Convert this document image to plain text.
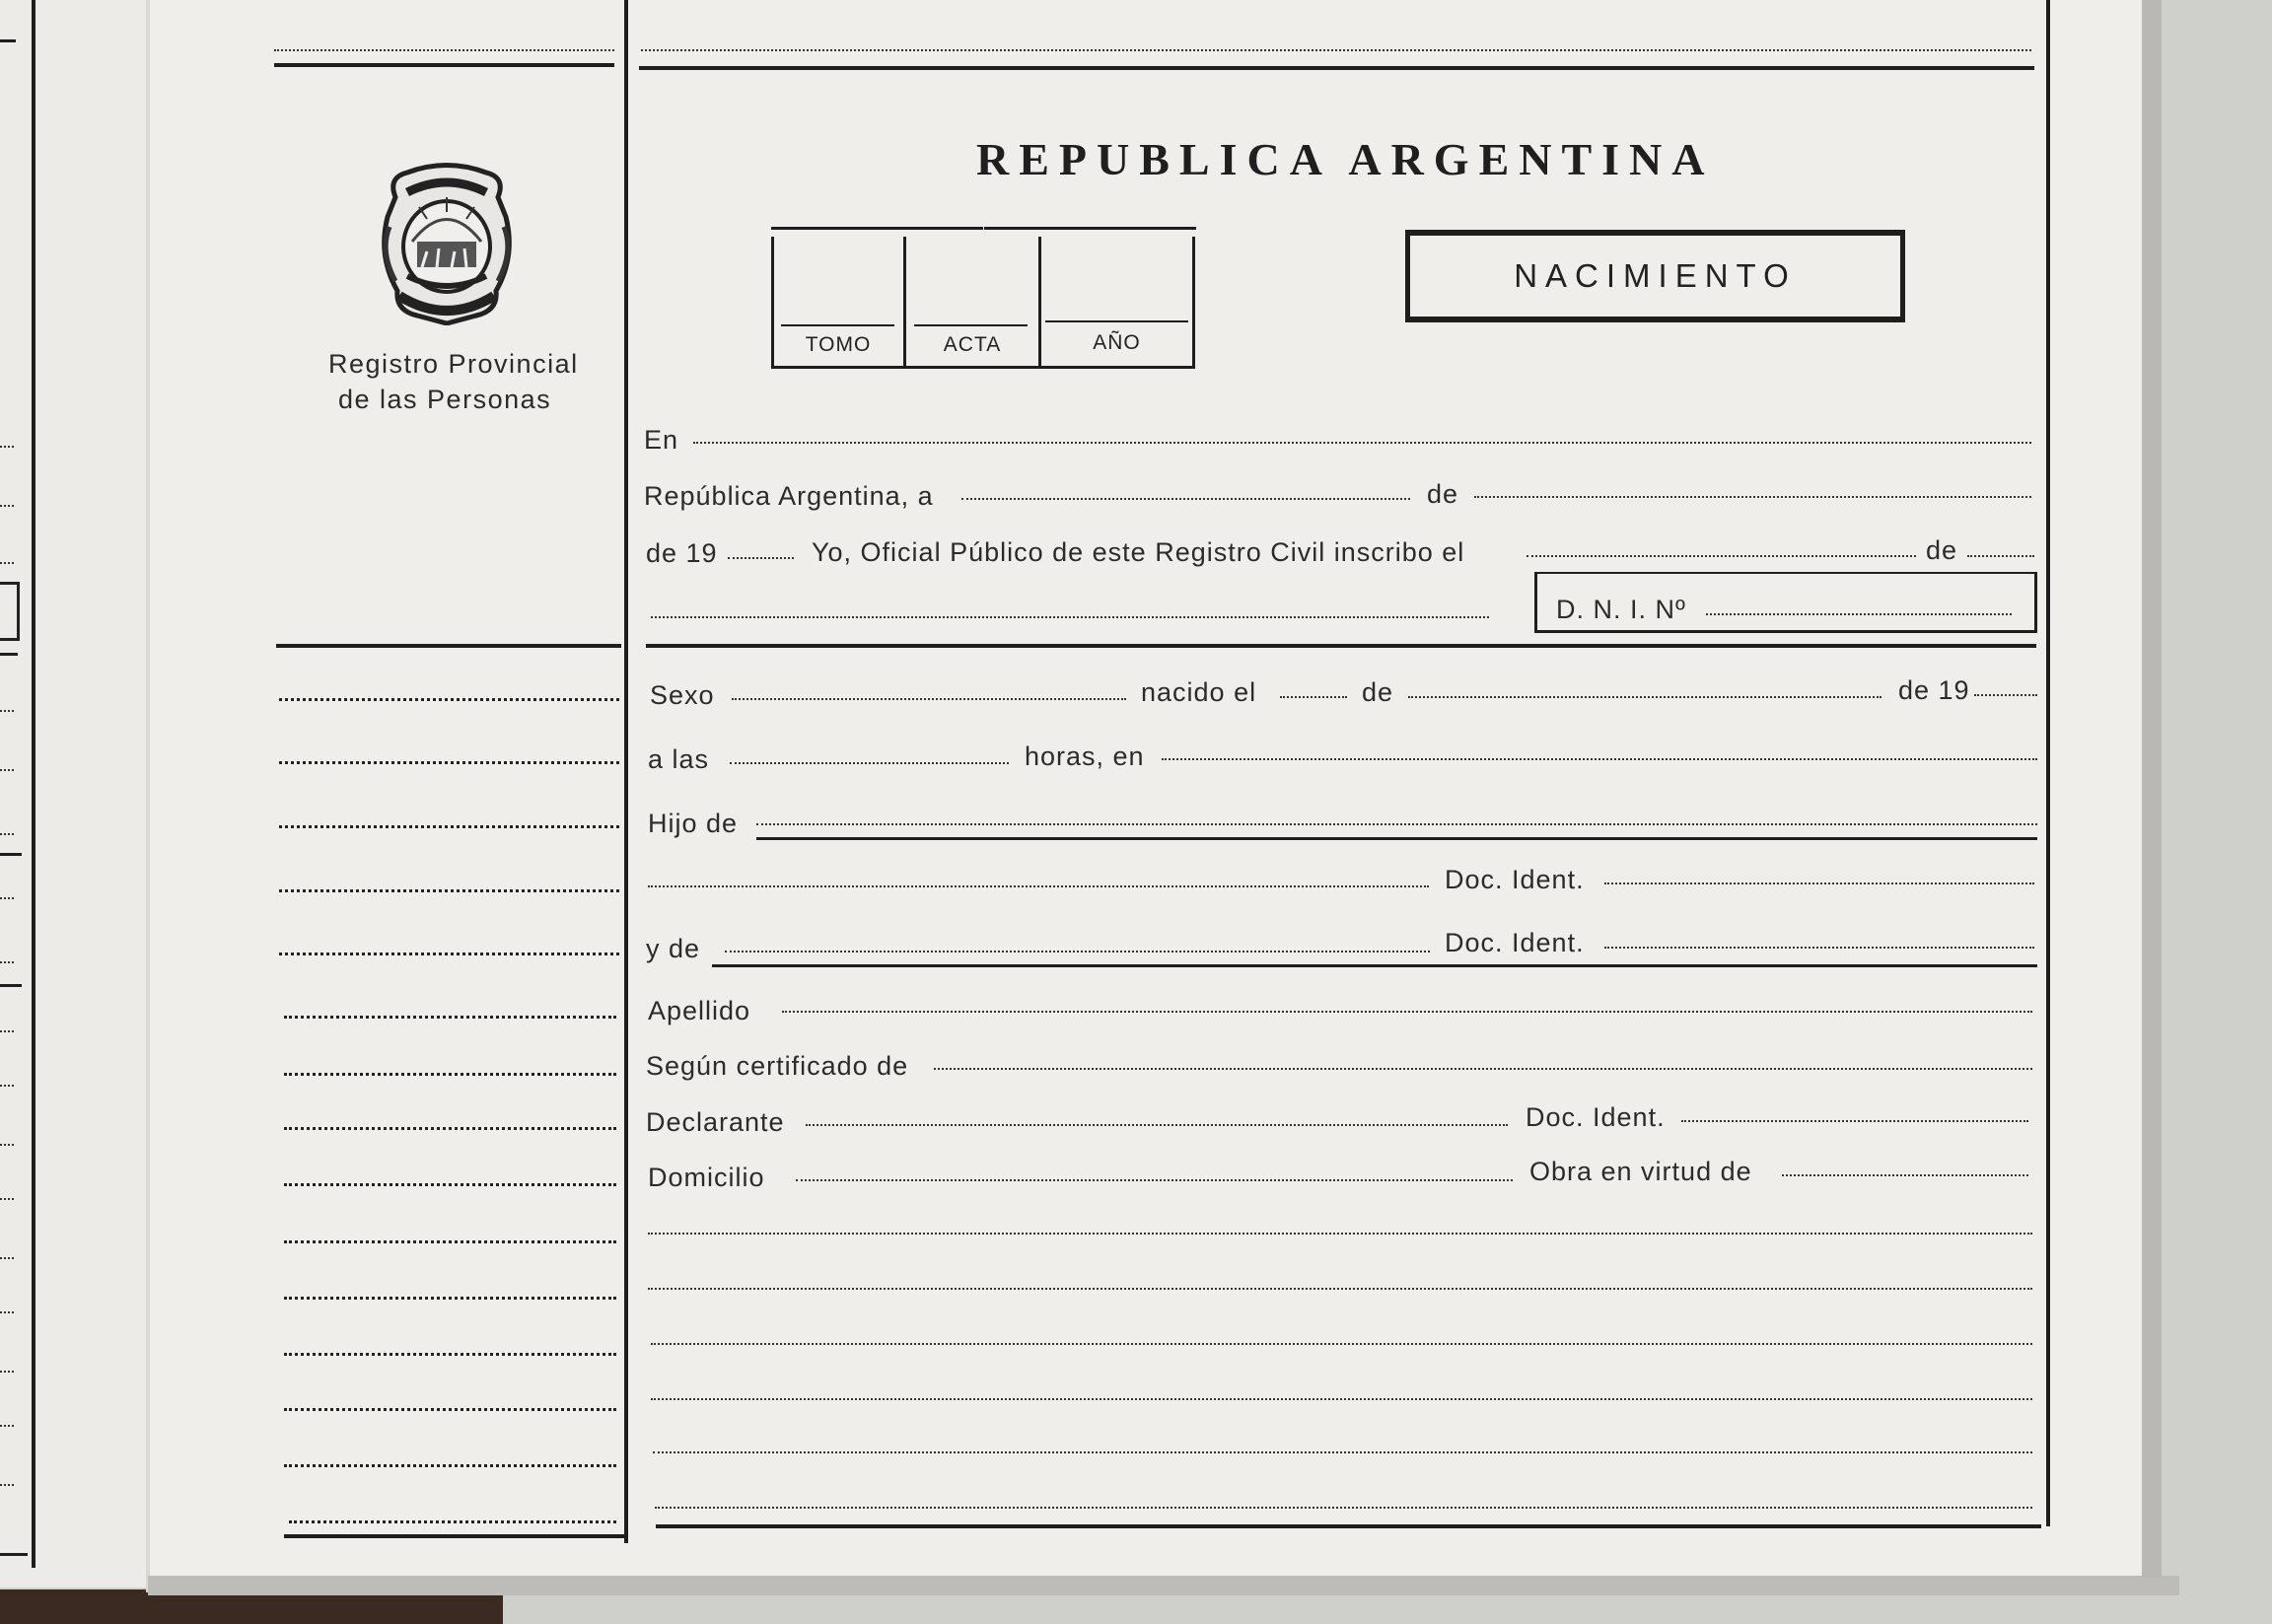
Registro Provincial
de las Personas
REPUBLICA ARGENTINA
TOMO	ACTA	AÑO
NACIMIENTO
En
República Argentina, a	de
de 19	Yo, Oficial Público de este Registro Civil inscribo el	de
D. N. I. Nº
Sexo	nacido el	de	de 19
a las	horas, en
Hijo de
Doc. Ident.
y de	Doc. Ident.
Apellido
Según certificado de
Declarante	Doc. Ident.
Domicilio	Obra en virtud de
